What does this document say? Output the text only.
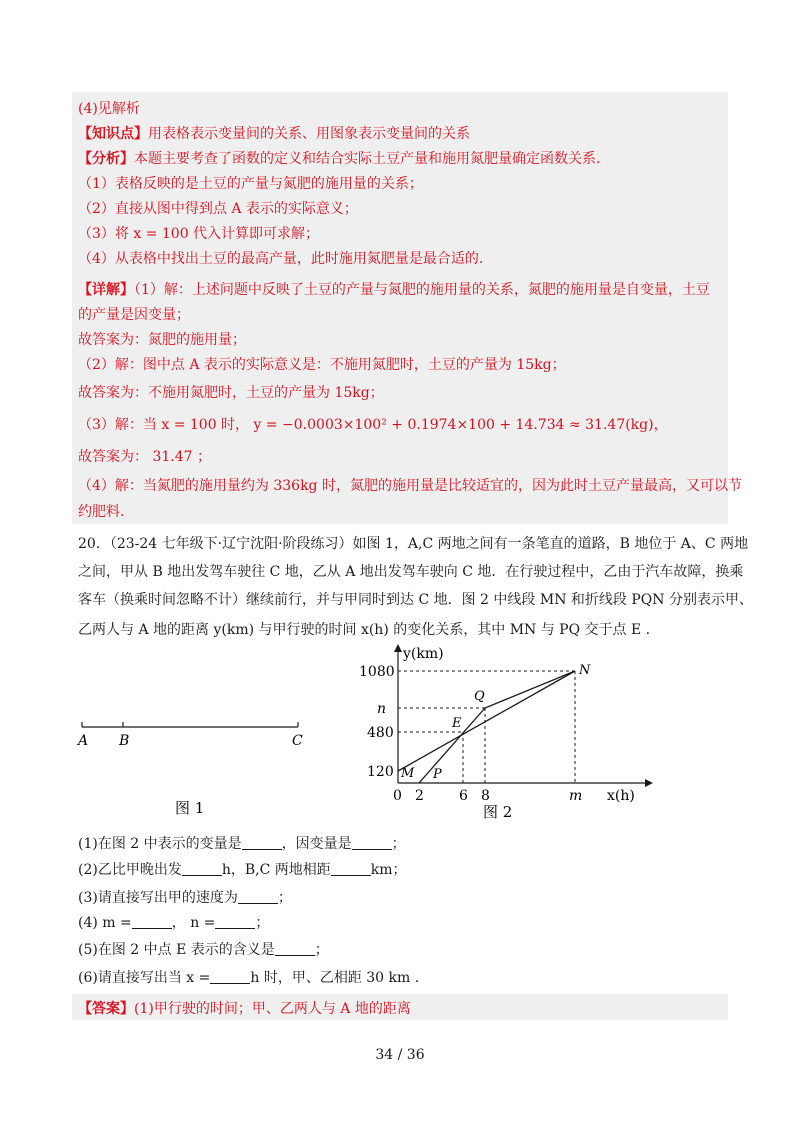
(4)见解析
【知识点】用表格表示变量间的关系、用图象表示变量间的关系
【分析】本题主要考查了函数的定义和结合实际土豆产量和施用氮肥量确定函数关系.
（1）表格反映的是土豆的产量与氮肥的施用量的关系；
（2）直接从图中得到点 A 表示的实际意义；
（3）将 x = 100 代入计算即可求解；
（4）从表格中找出土豆的最高产量，此时施用氮肥量是最合适的.
【详解】（1）解：上述问题中反映了土豆的产量与氮肥的施用量的关系，氮肥的施用量是自变量，土豆
的产量是因变量；
故答案为：氮肥的施用量；
（2）解：图中点 A 表示的实际意义是：不施用氮肥时，土豆的产量为 15kg；
故答案为：不施用氮肥时，土豆的产量为 15kg；
（3）解：当 x = 100 时， y = −0.0003×100² + 0.1974×100 + 14.734 ≈ 31.47(kg)，
故答案为： 31.47 ；
（4）解：当氮肥的施用量约为 336kg 时，氮肥的施用量是比较适宜的，因为此时土豆产量最高，又可以节
约肥料.
20．（23-24 七年级下·辽宁沈阳·阶段练习）如图 1，A,C 两地之间有一条笔直的道路，B 地位于 A、C 两地
之间，甲从 B 地出发驾车驶往 C 地，乙从 A 地出发驾车驶向 C 地．在行驶过程中，乙由于汽车故障，换乘
客车（换乘时间忽略不计）继续前行，并与甲同时到达 C 地．图 2 中线段 MN 和折线段 PQN 分别表示甲、
乙两人与 A 地的距离 y(km) 与甲行驶的时间 x(h) 的变化关系，其中 MN 与 PQ 交于点 E .
A B	C
图 1
1080
n
480
120
0 2	6 8	m
y(km)
x(h)
M P
E
Q
N
图 2
(1)在图 2 中表示的变量是	，因变量是	；
(2)乙比甲晚出发	h，B,C 两地相距	km；
(3)请直接写出甲的速度为	；
(4) m =	， n =	；
(5)在图 2 中点 E 表示的含义是	；
(6)请直接写出当 x =	h 时，甲、乙相距 30 km .
【答案】(1)甲行驶的时间；甲、乙两人与 A 地的距离
34 / 36
